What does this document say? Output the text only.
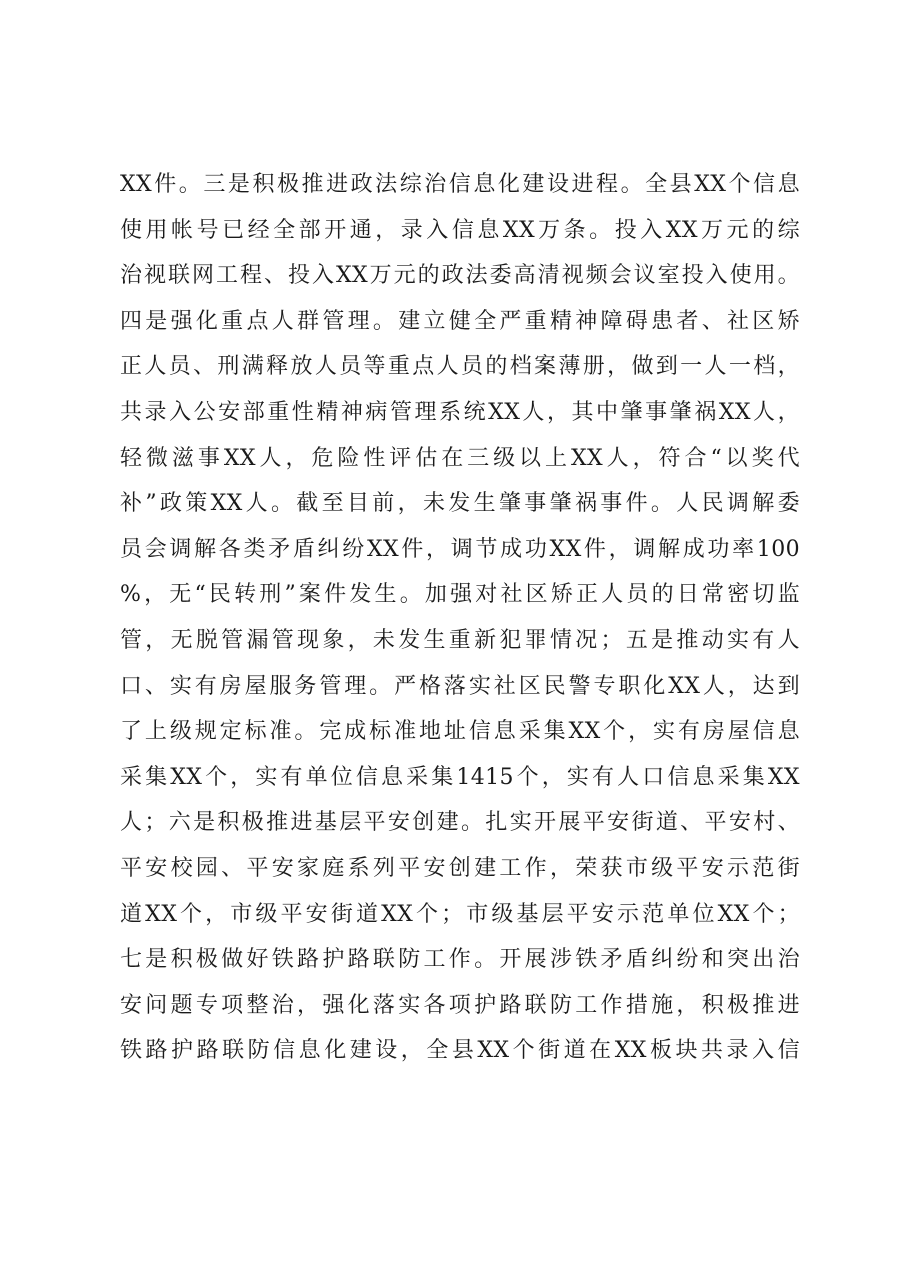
XX件。三是积极推进政法综治信息化建设进程。全县XX个信息
使用帐号已经全部开通，录入信息XX万条。投入XX万元的综
治视联网工程、投入XX万元的政法委高清视频会议室投入使用。
四是强化重点人群管理。建立健全严重精神障碍患者、社区矫
正人员、刑满释放人员等重点人员的档案薄册，做到一人一档，
共录入公安部重性精神病管理系统XX人，其中肇事肇祸XX人，
轻微滋事XX人，危险性评估在三级以上XX人，符合“以奖代
补”政策XX人。截至目前，未发生肇事肇祸事件。人民调解委
员会调解各类矛盾纠纷XX件，调节成功XX件，调解成功率100
%，无“民转刑”案件发生。加强对社区矫正人员的日常密切监
管，无脱管漏管现象，未发生重新犯罪情况；五是推动实有人
口、实有房屋服务管理。严格落实社区民警专职化XX人，达到
了上级规定标准。完成标准地址信息采集XX个，实有房屋信息
采集XX个，实有单位信息采集1415个，实有人口信息采集XX
人；六是积极推进基层平安创建。扎实开展平安街道、平安村、
平安校园、平安家庭系列平安创建工作，荣获市级平安示范街
道XX个，市级平安街道XX个；市级基层平安示范单位XX个；
七是积极做好铁路护路联防工作。开展涉铁矛盾纠纷和突出治
安问题专项整治，强化落实各项护路联防工作措施，积极推进
铁路护路联防信息化建设，全县XX个街道在XX板块共录入信
